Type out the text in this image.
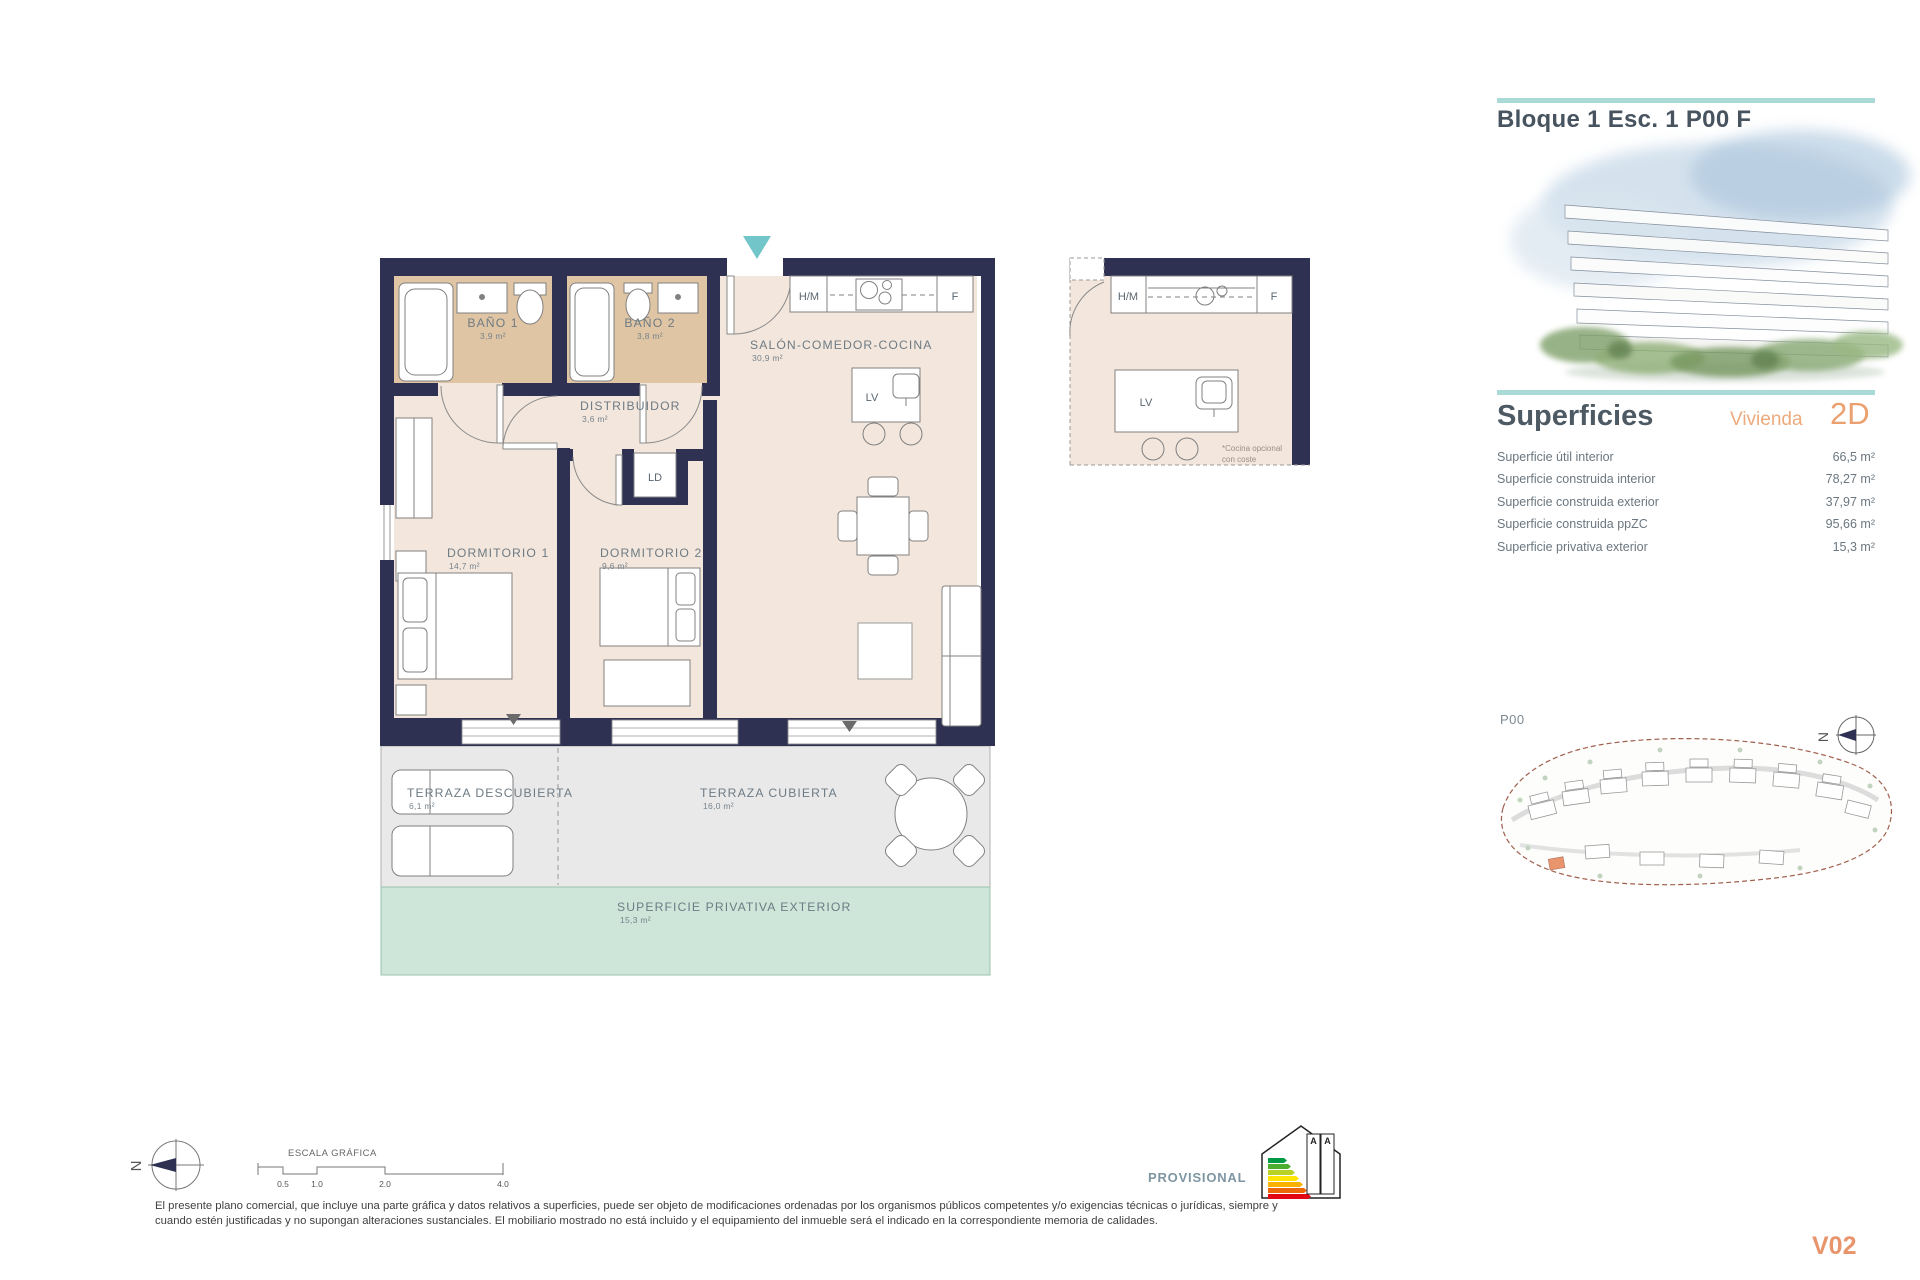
BAÑO 1
3,9 m²
BAÑO 2
3,8 m²
SALÓN-COMEDOR-COCINA
30,9 m²
DISTRIBUIDOR
3,6 m²
DORMITORIO 1
14,7 m²
DORMITORIO 2
9,6 m²
LD
H/M	F
LV
TERRAZA DESCUBIERTA
6,1 m²
TERRAZA CUBIERTA
16,0 m²
SUPERFICIE PRIVATIVA EXTERIOR
15,3 m²
H/M	F
LV
*Cocina opcional
con coste
N
N
ESCALA GRÁFICA
0.5	1.0	2.0	4.0
A A
Bloque 1 Esc. 1 P00 F
Superficies	Vivienda 2D
Superficie útil interior	66,5 m²
Superficie construida interior	78,27 m²
Superficie construida exterior	37,97 m²
Superficie construida ppZC	95,66 m²
Superficie privativa exterior	15,3 m²
P00
El presente plano comercial, que incluye una parte gráfica y datos relativos a superficies, puede ser objeto de modificaciones ordenadas por los organismos públicos competentes y/o exigencias técnicas o jurídicas, siempre y
cuando estén justificadas y no supongan alteraciones sustanciales. El mobiliario mostrado no está incluido y el equipamiento del inmueble será el indicado en la correspondiente memoria de calidades.
PROVISIONAL
V02
